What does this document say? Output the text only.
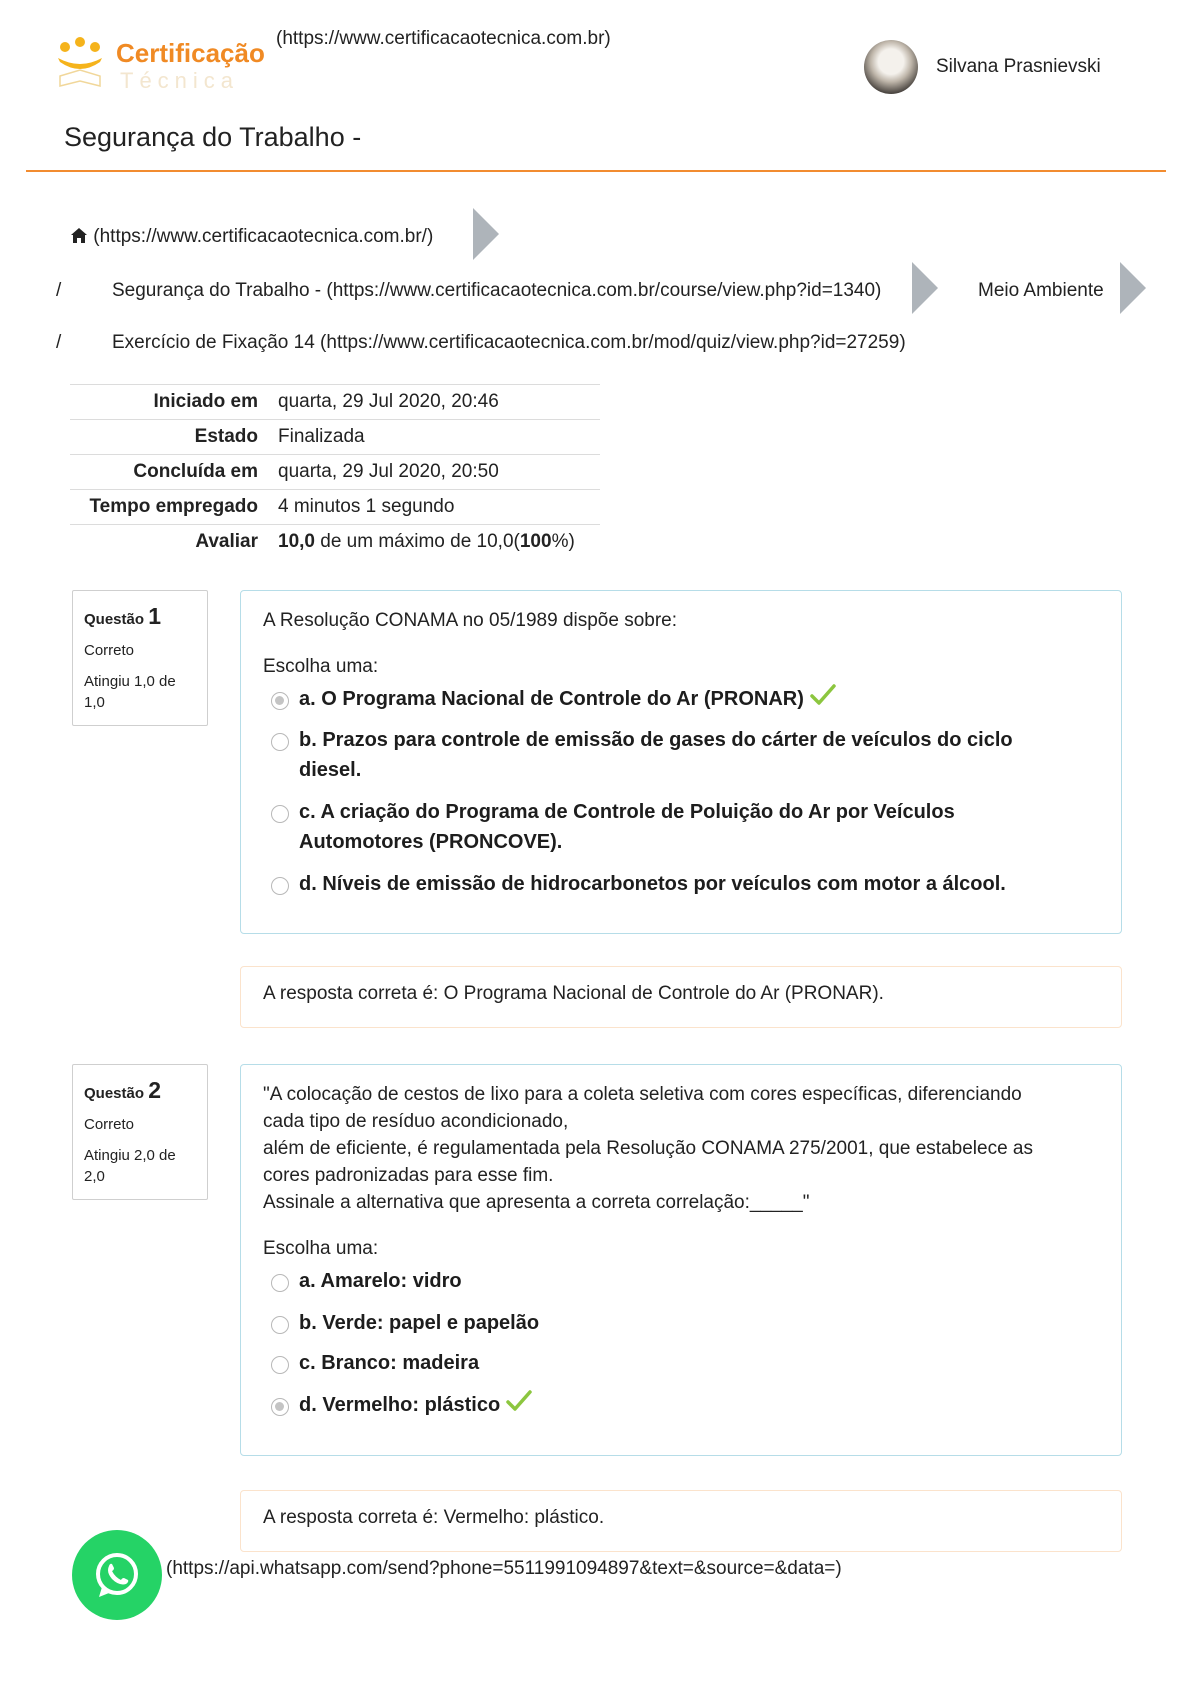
Certificação
Técnica
(https://www.certificacaotecnica.com.br)
Silvana Prasnievski
Segurança do Trabalho -
(https://www.certificacaotecnica.com.br/)
/	Segurança do Trabalho - (https://www.certificacaotecnica.com.br/course/view.php?id=1340)	Meio Ambiente
/	Exercício de Fixação 14 (https://www.certificacaotecnica.com.br/mod/quiz/view.php?id=27259)
Iniciado em	quarta, 29 Jul 2020, 20:46
Estado	Finalizada
Concluída em	quarta, 29 Jul 2020, 20:50
Tempo empregado	4 minutos 1 segundo
Avaliar	10,0 de um máximo de 10,0(100%)
Questão 1
Correto
Atingiu 1,0 de 1,0
A Resolução CONAMA no 05/1989 dispõe sobre:
Escolha uma:
a. O Programa Nacional de Controle do Ar (PRONAR)
b. Prazos para controle de emissão de gases do cárter de veículos do ciclo diesel.
c. A criação do Programa de Controle de Poluição do Ar por Veículos Automotores (PRONCOVE).
d. Níveis de emissão de hidrocarbonetos por veículos com motor a álcool.
A resposta correta é: O Programa Nacional de Controle do Ar (PRONAR).
Questão 2
Correto
Atingiu 2,0 de 2,0
"A colocação de cestos de lixo para a coleta seletiva com cores específicas, diferenciando cada tipo de resíduo acondicionado,
além de eficiente, é regulamentada pela Resolução CONAMA 275/2001, que estabelece as cores padronizadas para esse fim.
Assinale a alternativa que apresenta a correta correlação:_____"
Escolha uma:
a. Amarelo: vidro
b. Verde: papel e papelão
c. Branco: madeira
d. Vermelho: plástico
A resposta correta é: Vermelho: plástico.
(https://api.whatsapp.com/send?phone=5511991094897&text=&source=&data=)
